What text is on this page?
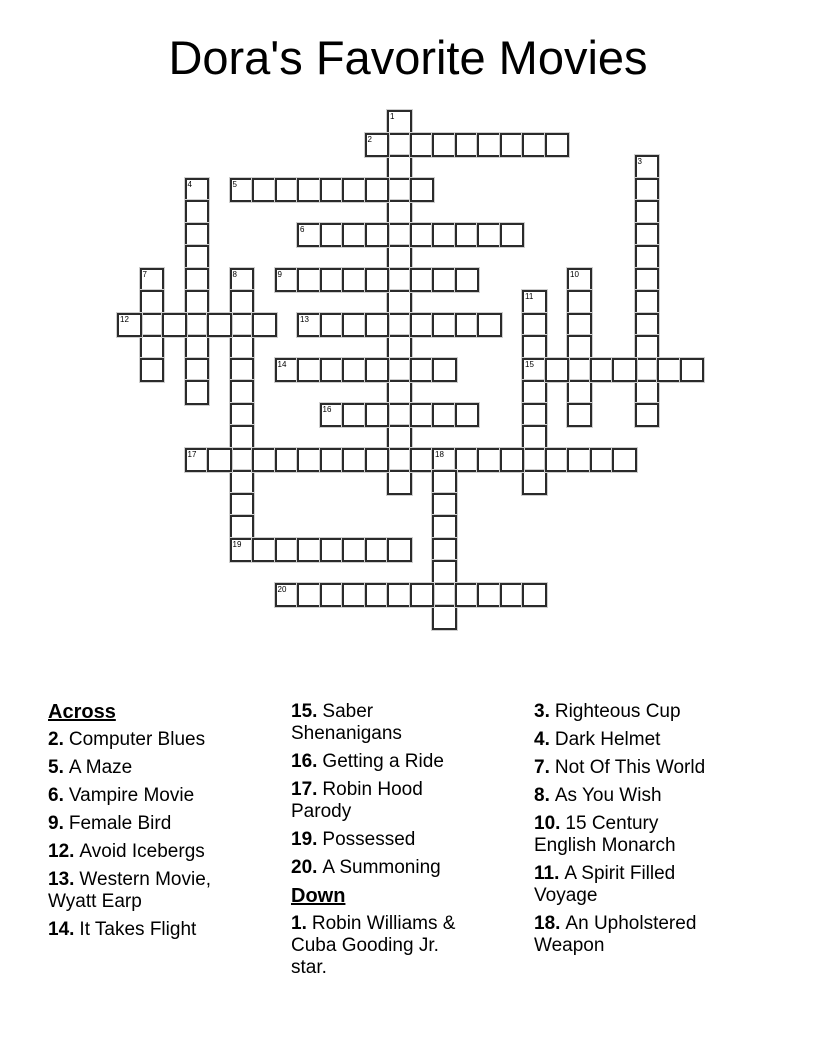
Dora's Favorite Movies
1
2
3
4	5
6
7	8
19
9	10
11
15
12	13
14
16
17	18
20
Across
2. Computer Blues
5. A Maze
6. Vampire Movie
9. Female Bird
12. Avoid Icebergs
13. Western Movie, Wyatt Earp
14. It Takes Flight
15. Saber Shenanigans
16. Getting a Ride
17. Robin Hood Parody
19. Possessed
20. A Summoning
Down
1. Robin Williams & Cuba Gooding Jr. star.
3. Righteous Cup
4. Dark Helmet
7. Not Of This World
8. As You Wish
10. 15 Century English Monarch
11. A Spirit Filled Voyage
18. An Upholstered Weapon
